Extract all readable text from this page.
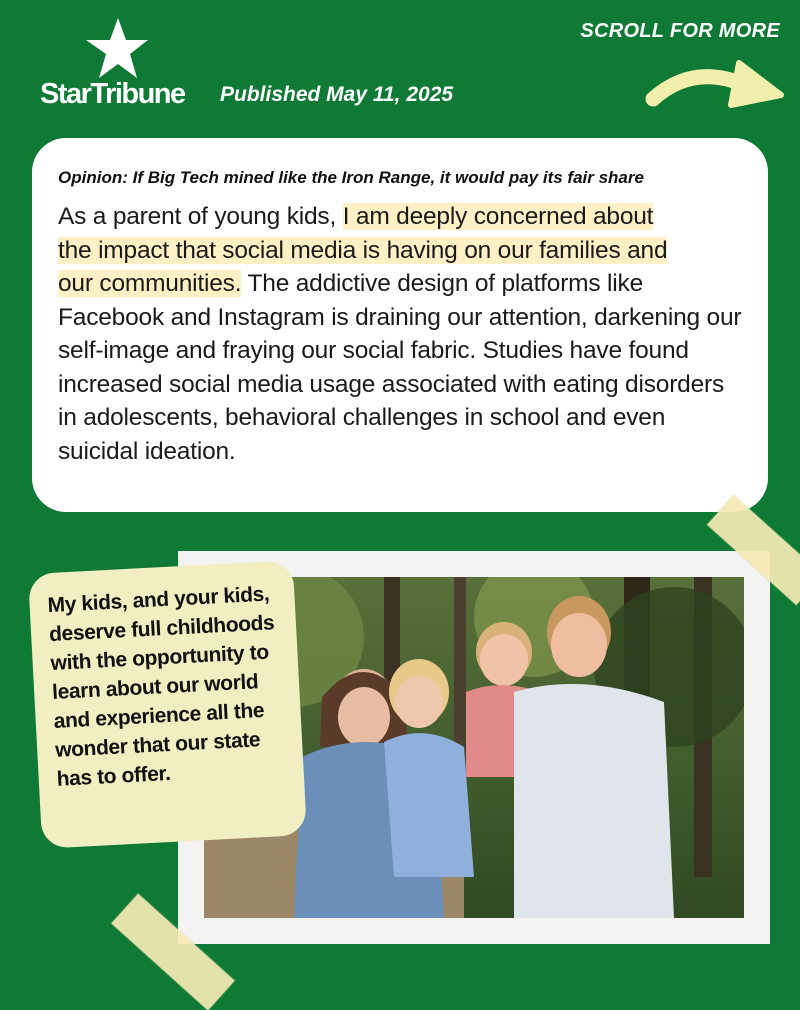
StarTribune Published May 11, 2025
SCROLL FOR MORE
Opinion: If Big Tech mined like the Iron Range, it would pay its fair share

As a parent of young kids, I am deeply concerned about
the impact that social media is having on our families and
our communities. The addictive design of platforms like Facebook and Instagram is draining our attention, darkening our self-image and fraying our social fabric. Studies have found increased social media usage associated with eating disorders in adolescents, behavioral challenges in school and even suicidal ideation.

My kids, and your kids, deserve full childhoods with the opportunity to learn about our world and experience all the wonder that our state has to offer.
